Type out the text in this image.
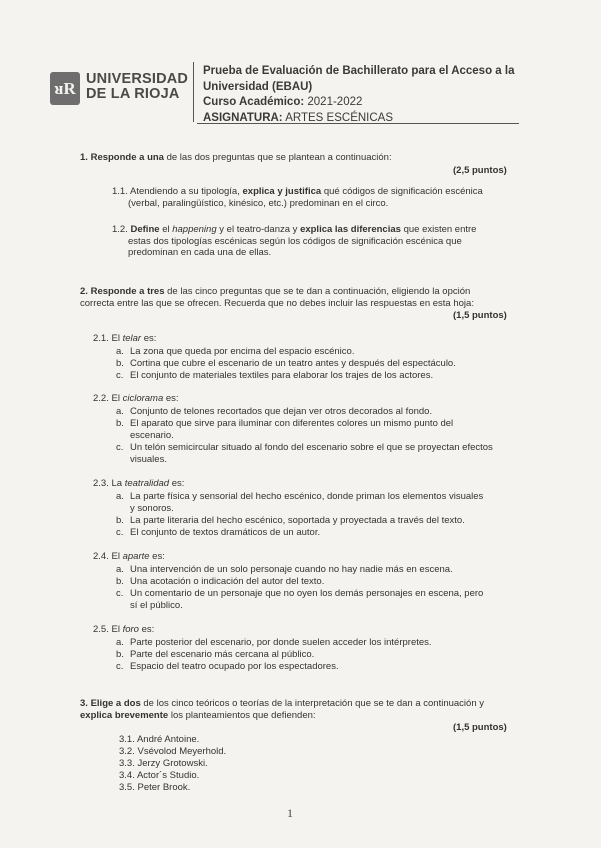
ᴚR UNIVERSIDAD
DE LA RIOJA
Prueba de Evaluación de Bachillerato para el Acceso a la
Universidad (EBAU)
Curso Académico: 2021-2022
ASIGNATURA: ARTES ESCÉNICAS
1. Responde a una de las dos preguntas que se plantean a continuación:
(2,5 puntos)
1.1. Atendiendo a su tipología, explica y justifica qué códigos de significación escénica
(verbal, paralingüístico, kinésico, etc.) predominan en el circo.
1.2. Define el happening y el teatro-danza y explica las diferencias que existen entre
estas dos tipologías escénicas según los códigos de significación escénica que
predominan en cada una de ellas.
2. Responde a tres de las cinco preguntas que se te dan a continuación, eligiendo la opción
correcta entre las que se ofrecen. Recuerda que no debes incluir las respuestas en esta hoja:
(1,5 puntos)
2.1. El telar es:
a. La zona que queda por encima del espacio escénico.
b. Cortina que cubre el escenario de un teatro antes y después del espectáculo.
c. El conjunto de materiales textiles para elaborar los trajes de los actores.
2.2. El ciclorama es:
a. Conjunto de telones recortados que dejan ver otros decorados al fondo.
b. El aparato que sirve para iluminar con diferentes colores un mismo punto del
escenario.
c. Un telón semicircular situado al fondo del escenario sobre el que se proyectan efectos
visuales.
2.3. La teatralidad es:
a. La parte física y sensorial del hecho escénico, donde priman los elementos visuales
y sonoros.
b. La parte literaria del hecho escénico, soportada y proyectada a través del texto.
c. El conjunto de textos dramáticos de un autor.
2.4. El aparte es:
a. Una intervención de un solo personaje cuando no hay nadie más en escena.
b. Una acotación o indicación del autor del texto.
c. Un comentario de un personaje que no oyen los demás personajes en escena, pero
sí el público.
2.5. El foro es:
a. Parte posterior del escenario, por donde suelen acceder los intérpretes.
b. Parte del escenario más cercana al público.
c. Espacio del teatro ocupado por los espectadores.
3. Elige a dos de los cinco teóricos o teorías de la interpretación que se te dan a continuación y
explica brevemente los planteamientos que defienden:
(1,5 puntos)
3.1. André Antoine.
3.2. Vsévolod Meyerhold.
3.3. Jerzy Grotowski.
3.4. Actor´s Studio.
3.5. Peter Brook.
1
